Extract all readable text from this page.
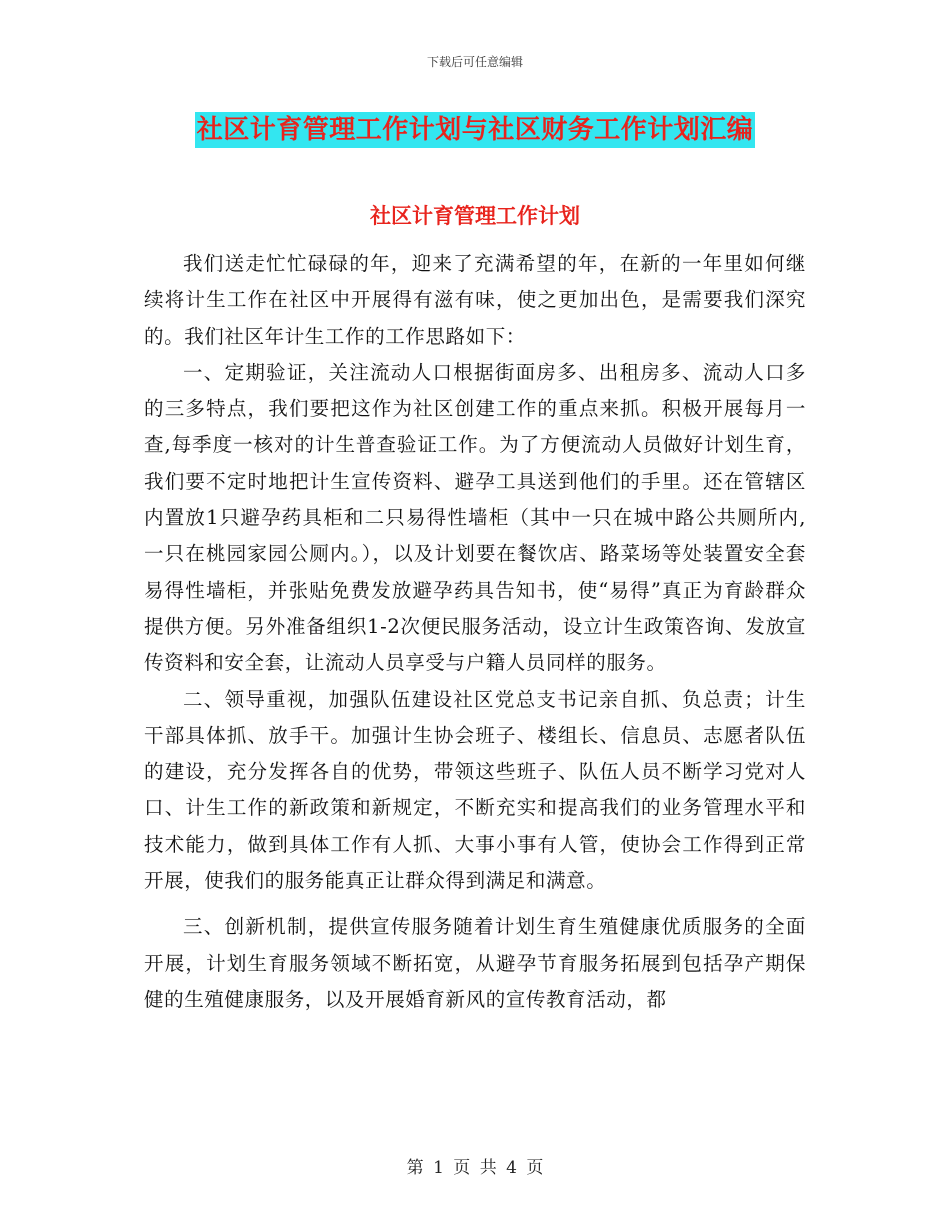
下载后可任意编辑
社区计育管理工作计划与社区财务工作计划汇编
社区计育管理工作计划

我们送走忙忙碌碌的年，迎来了充满希望的年，在新的一年里如何继续将计生工作在社区中开展得有滋有味，使之更加出色，是需要我们深究的。我们社区年计生工作的工作思路如下：

一、定期验证，关注流动人口根据街面房多、出租房多、流动人口多的三多特点，我们要把这作为社区创建工作的重点来抓。积极开展每月一查,每季度一核对的计生普查验证工作。为了方便流动人员做好计划生育，我们要不定时地把计生宣传资料、避孕工具送到他们的手里。还在管辖区内置放1只避孕药具柜和二只易得性墙柜（其中一只在城中路公共厕所内,一只在桃园家园公厕内。），以及计划要在餐饮店、路菜场等处装置安全套易得性墙柜，并张贴免费发放避孕药具告知书，使“易得”真正为育龄群众提供方便。另外准备组织1-2次便民服务活动，设立计生政策咨询、发放宣传资料和安全套，让流动人员享受与户籍人员同样的服务。

二、领导重视，加强队伍建设社区党总支书记亲自抓、负总责；计生干部具体抓、放手干。加强计生协会班子、楼组长、信息员、志愿者队伍的建设，充分发挥各自的优势，带领这些班子、队伍人员不断学习党对人口、计生工作的新政策和新规定，不断充实和提高我们的业务管理水平和技术能力，做到具体工作有人抓、大事小事有人管，使协会工作得到正常开展，使我们的服务能真正让群众得到满足和满意。

三、创新机制，提供宣传服务随着计划生育生殖健康优质服务的全面开展，计划生育服务领域不断拓宽，从避孕节育服务拓展到包括孕产期保健的生殖健康服务，以及开展婚育新风的宣传教育活动，都

第 1 页 共 4 页
